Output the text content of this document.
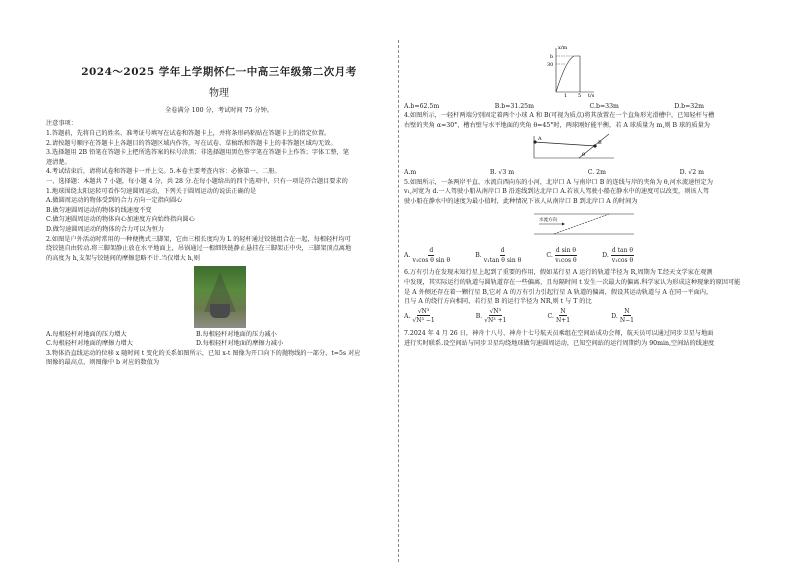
2024～2025 学年上学期怀仁一中高三年级第二次月考

物理

全卷满分 100 分，考试时间 75 分钟。

注意事项：

1.答题前，先将自己的姓名、准考证号填写在试卷和答题卡上，并将条形码粘贴在答题卡上的指定位置。

2.请按题号顺序在答题卡上各题目的答题区域内作答，写在试卷、草稿纸和答题卡上的非答题区域均无效。

3.选择题用 2B 铅笔在答题卡上把所选答案的标号涂黑；非选择题用黑色签字笔在答题卡上作答；字体工整，笔

迹清楚。

4.考试结束后，请将试卷和答题卡一并上交。5.本卷主要考查内容：必修第一、二册。

一、选择题：本题共 7 小题，每小题 4 分，共 28 分.在每小题给出的四个选项中，只有一项是符合题目要求的

1.地球围绕太阳运转可看作匀速圆周运动，下列关于圆周运动的说法正确的是

A.做圆周运动的物体受到的合力方向一定指向圆心

B.做匀速圆周运动的物体的线速度不变

C.做匀速圆周运动的物体向心加速度方向始终指向圆心

D.做匀速圆周运动的物体的合力可以为恒力

2.如图是户外活动时常用的一种便携式三脚架，它由三根长度均为 L 的轻杆通过铰链组合在一起，每根轻杆均可

绕铰链自由转动.将三脚架静止放在水平地面上，吊锅通过一根细铁链静止悬挂在三脚架正中央，三脚架顶点离地

的高度为 h,支架与铰链间的摩擦忽略不计.当仅增大 h,则

A.每根轻杆对地面的压力增大	B.每根轻杆对地面的压力减小
C.每根轻杆对地面的摩擦力增大	D.每根轻杆对地面的摩擦力减小

3.物体沿直线运动的位移 x 随时间 t 变化的关系如图所示，已知 x-t 图像为开口向下的抛物线的一部分，t=5s 对应

图像的最高点，则图像中 b 对应的数值为

x/m
b
30
1 5 t/s
A.b=62.5m	B.b=31.25m	C.b=33m	D.b=32m

4.如图所示，一轻杆两端分别固定着两个小球 A 和 B(可视为质点)将其放置在一个直角形光滑槽中，已知轻杆与槽

右壁的夹角 α=30°，槽右壁与水平地面的夹角 θ=45°时，两球刚好能平衡，若 A 球质量为 m,则 B 球的质量为

A
B
θ
A.m	B. √3 m	C. 2m	D. √2 m

5.如图所示，一条两岸平直、水流自西向东的小河，北岸口 A 与南岸口 B 的连线与岸的夹角为 θ,河水流速恒定为

v₁,河宽为 d.一人驾驶小船从南岸口 B 沿连线到达北岸口 A.若该人驾驶小船在静水中的速度可以改变，则该人驾

驶小船在静水中的速度为最小值时，此种情况下该人从南岸口 B 到北岸口 A 的时间为

水流方向
A. $\frac{d}{\text{v₁cos θ sin θ}}$	B. $\frac{d}{\text{v₁tan θ sin θ}}$	C. $\frac{\text{d sin θ}}{\text{v₁cos θ}}$	D. $\frac{\text{d tan θ}}{\text{v₁cos θ}}$

6.万有引力在发现未知行星上起到了重要的作用，假如某行星 A 运行的轨道半径为 R,周期为 T.经天文学家在观测

中发现，其实际运行的轨道与圆轨道存在一些偏离，且每隔时间 t 发生一次最大的偏离.科学家认为形成这种现象的原因可能

是 A 外侧还存在着一颗行星 B,它对 A 的万有引力引起行星 A 轨道的偏离，假设其运动轨道与 A 在同一平面内，

且与 A 的绕行方向相同，若行星 B 的运行半径为 NR,则 t 与 T 的比

A. $\frac{\text{√N³}}{\text{√N³ −1}}$	B. $\frac{\text{√N³}}{\text{√N³ +1}}$	C. $\frac{N}{N+1}$	D. $\frac{N}{N-1}$

7.2024 年 4 月 26 日，神舟十八号、神舟十七号航天员乘组在空间站成功会师，航天员可以通过同步卫星与地面

进行实时联系.设空间站与同步卫星均绕地球做匀速圆周运动，已知空间站的运行周期约为 90min,空间站的线速度
